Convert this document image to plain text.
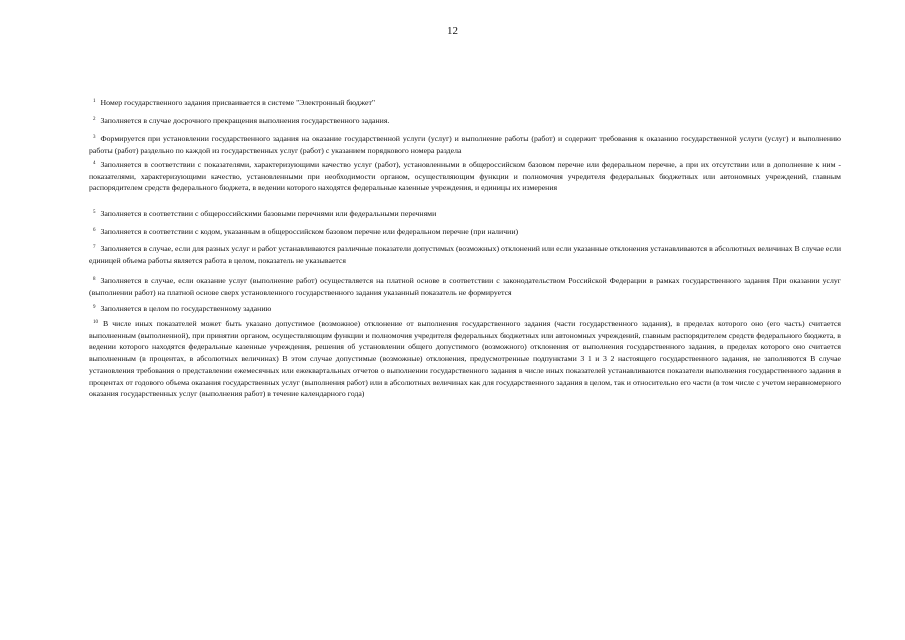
12

$^1$ Номер государственного задания присваивается в системе "Электронный бюджет"

$^2$ Заполняется в случае досрочного прекращения выполнения государственного задания.

$^3$ Формируется при установлении государственного задания на оказание государственной услуги (услуг) и выполнение работы (работ) и содержит требования к оказанию государственной услуги (услуг) и выполнению работы (работ) раздельно по каждой из государственных услуг (работ) с указанием порядкового номера раздела

$^4$ Заполняется в соответствии с показателями, характеризующими качество услуг (работ), установленными в общероссийском базовом перечне или федеральном перечне, а при их отсутствии или в дополнение к ним - показателями, характеризующими качество, установленными при необходимости органом, осуществляющим функции и полномочия учредителя федеральных бюджетных или автономных учреждений, главным распорядителем средств федерального бюджета, в ведении которого находятся федеральные казенные учреждения, и единицы их измерения

$^5$ Заполняется в соответствии с общероссийскими базовыми перечнями или федеральными перечнями

$^6$ Заполняется в соответствии с кодом, указанным в общероссийском базовом перечне или федеральном перечне (при наличии)

$^7$ Заполняется в случае, если для разных услуг и работ устанавливаются различные показатели допустимых (возможных) отклонений или если указанные отклонения устанавливаются в абсолютных величинах В случае если единицей объема работы является работа в целом, показатель не указывается

$^8$ Заполняется в случае, если оказание услуг (выполнение работ) осуществляется на платной основе в соответствии с законодательством Российской Федерации в рамках государственного задания При оказании услуг (выполнении работ) на платной основе сверх установленного государственного задания указанный показатель не формируется

$^9$ Заполняется в целом по государственному заданию

$^{10}$ В числе иных показателей может быть указано допустимое (возможное) отклонение от выполнения государственного задания (части государственного задания), в пределах которого оно (его часть) считается выполненным (выполненной), при принятии органом, осуществляющим функции и полномочия учредителя федеральных бюджетных или автономных учреждений, главным распорядителем средств федерального бюджета, в ведении которого находятся федеральные казенные учреждения, решения об установлении общего допустимого (возможного) отклонения от выполнения государственного задания, в пределах которого оно считается выполненным (в процентах, в абсолютных величинах) В этом случае допустимые (возможные) отклонения, предусмотренные подпунктами 3 1 и 3 2 настоящего государственного задания, не заполняются В случае установления требования о представлении ежемесячных или ежеквартальных отчетов о выполнении государственного задания в числе иных показателей устанавливаются показатели выполнения государственного задания в процентах от годового объема оказания государственных услуг (выполнения работ) или в абсолютных величинах как для государственного задания в целом, так и относительно его части (в том числе с учетом неравномерного оказания государственных услуг (выполнения работ) в течение календарного года)
